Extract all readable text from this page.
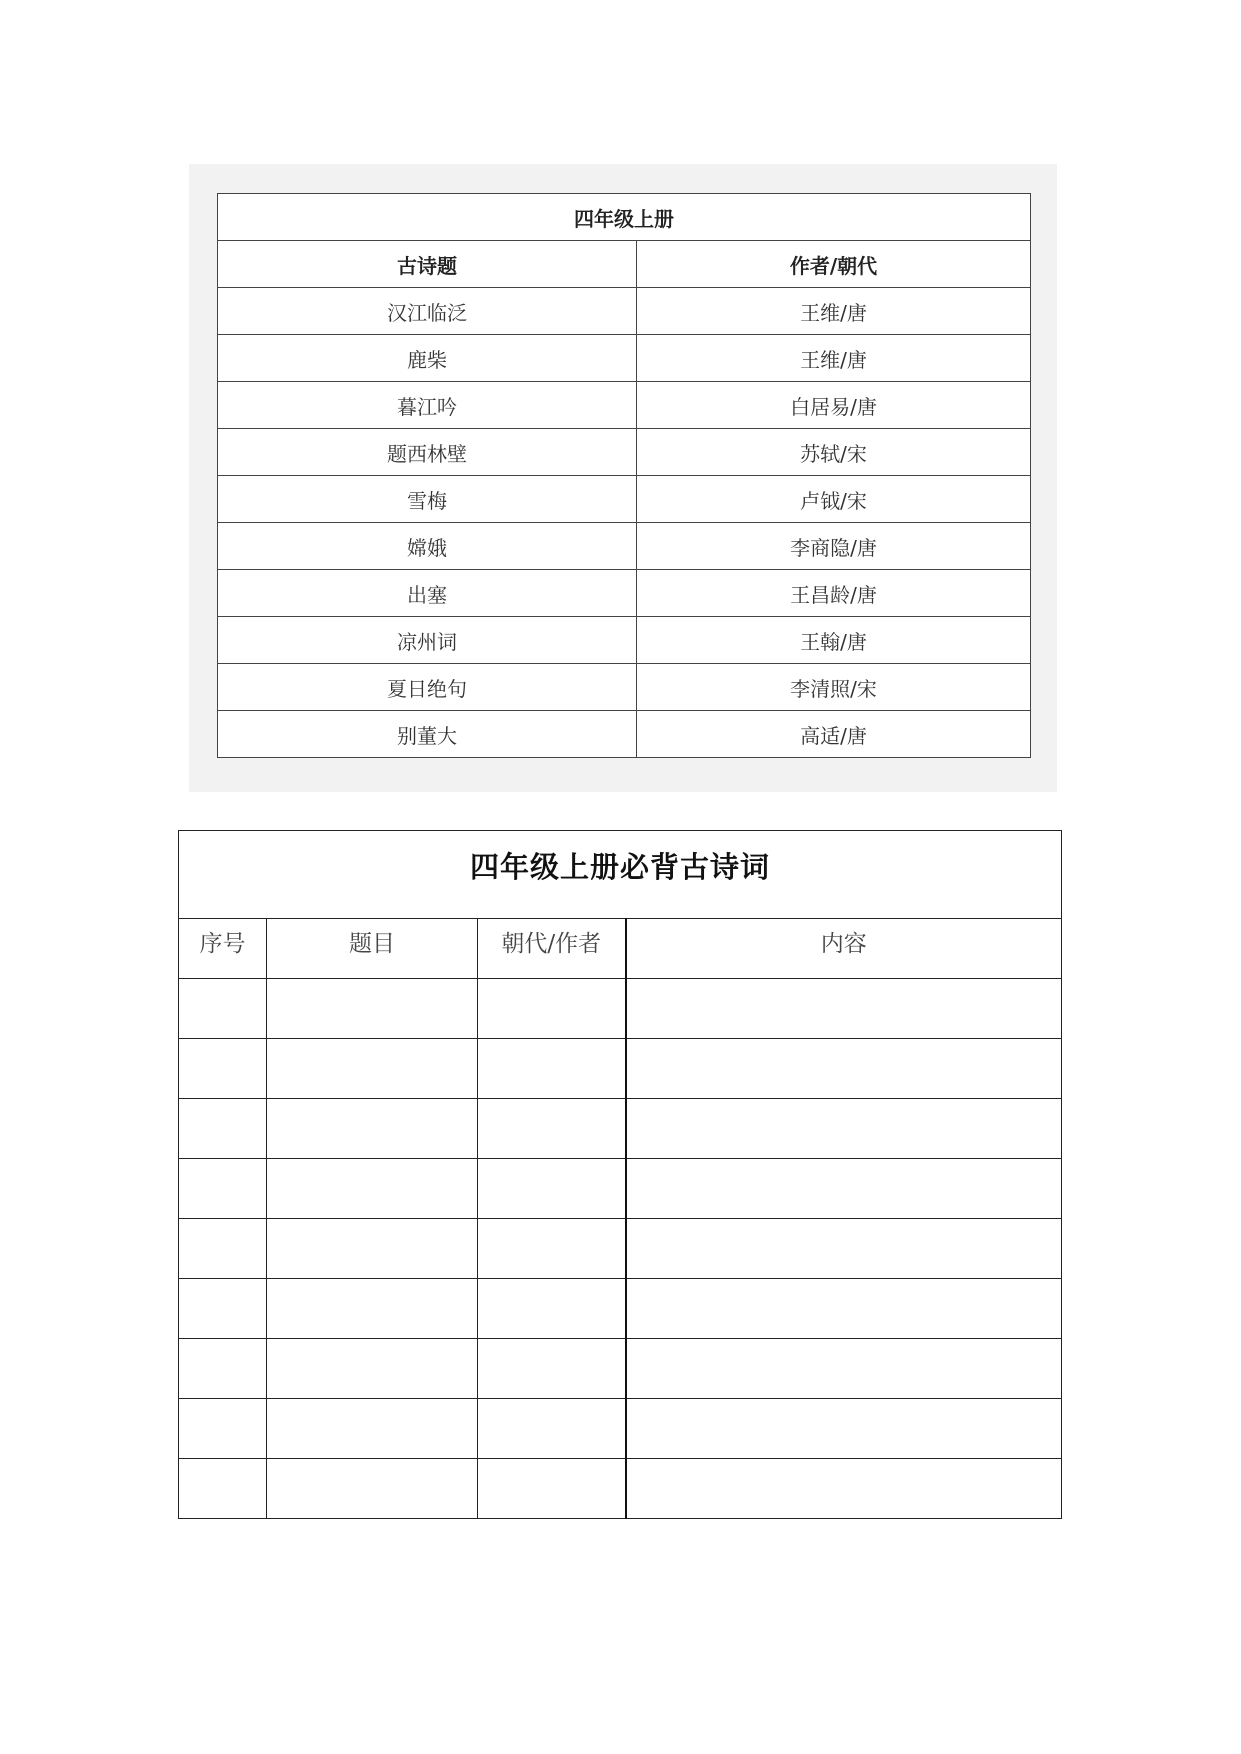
四年级上册	
古诗题	作者/朝代
汉江临泛	王维/唐
鹿柴	王维/唐
暮江吟	白居易/唐
题西林壁	苏轼/宋
雪梅	卢钺/宋
嫦娥	李商隐/唐
出塞	王昌龄/唐
凉州词	王翰/唐
夏日绝句	李清照/宋
别董大	高适/唐
四年级上册必背古诗词			
序号	题目	朝代/作者	内容
